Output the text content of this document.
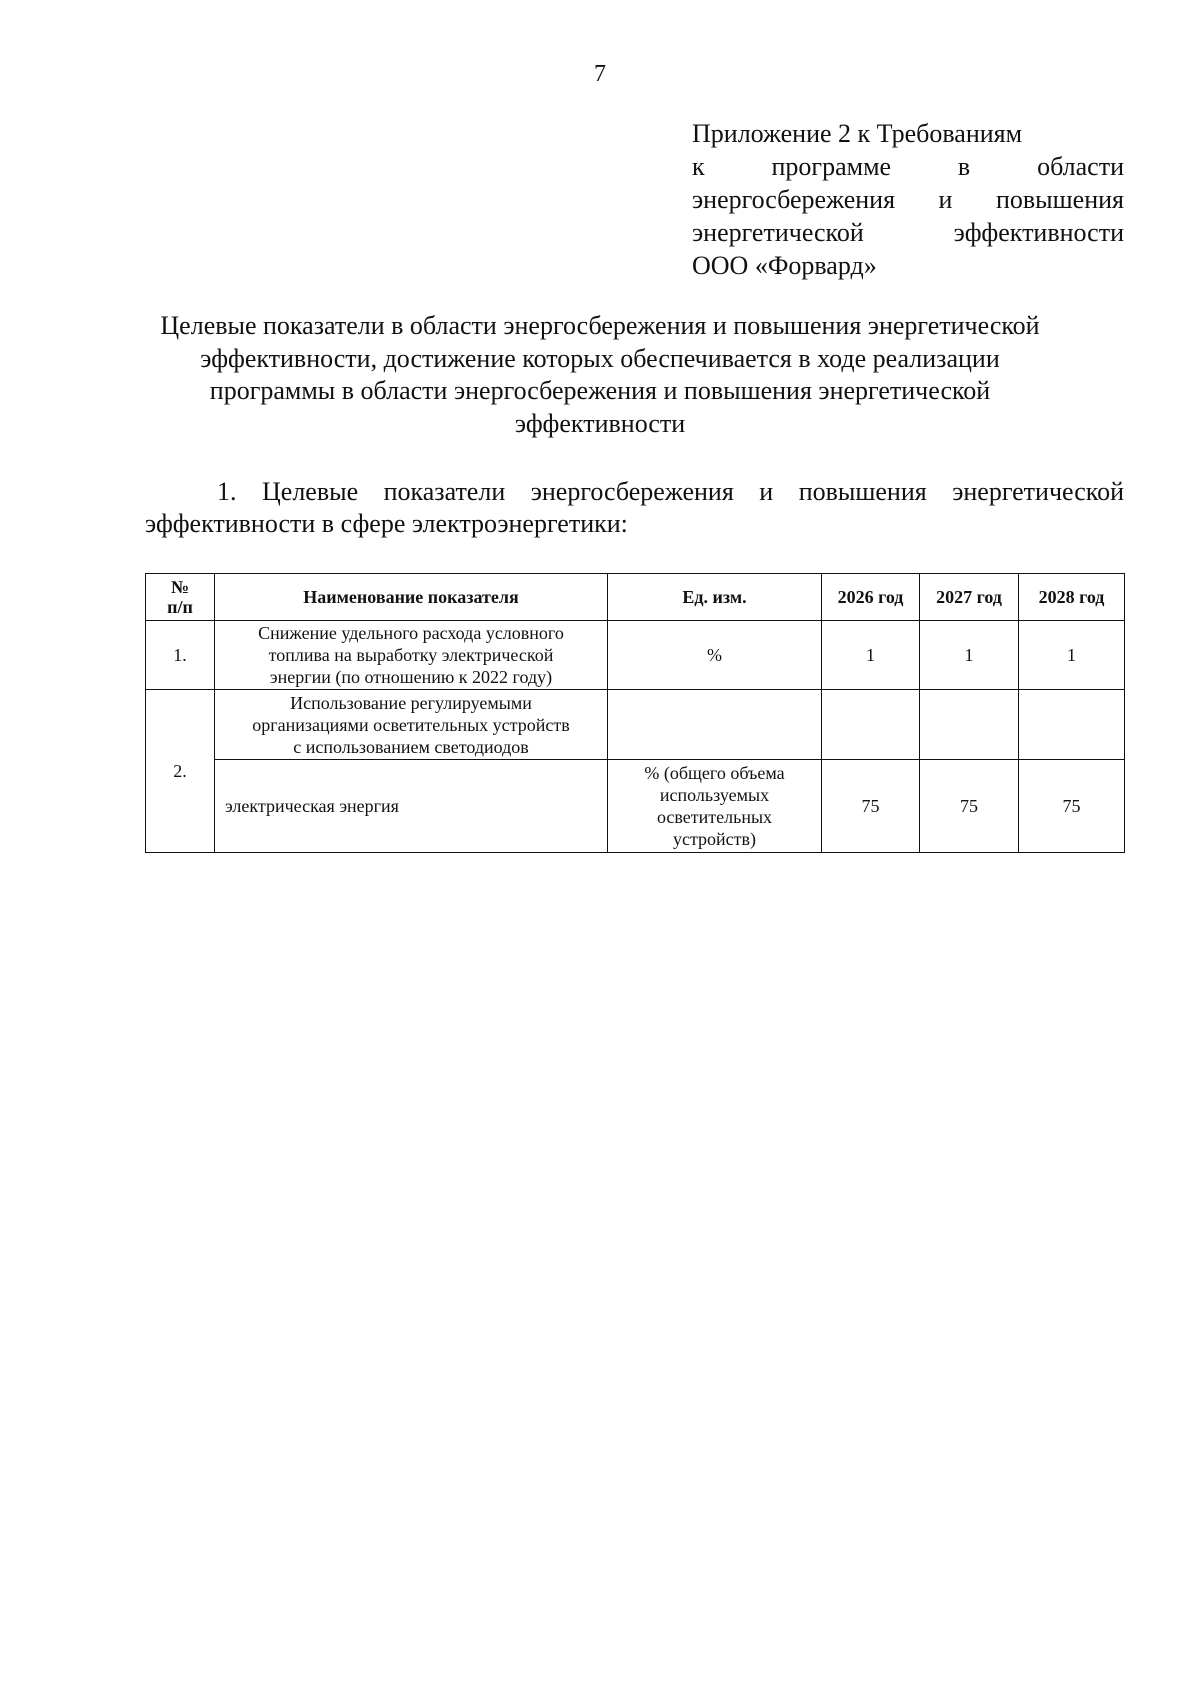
7
Приложение 2 к Требованиям
к программе в области
энергосбережения и повышения
энергетической эффективности
ООО «Форвард»
Целевые показатели в области энергосбережения и повышения энергетической
эффективности, достижение которых обеспечивается в ходе реализации
программы в области энергосбережения и повышения энергетической
эффективности
1. Целевые показатели энергосбережения и повышения энергетической
эффективности в сфере электроэнергетики:
№
п/п	Наименование показателя	Ед. изм.	2026 год	2027 год	2028 год
1.	Снижение удельного расхода условного
топлива на выработку электрической
энергии (по отношению к 2022 году)	%	1	1	1
2.	Использование регулируемыми
организациями осветительных устройств
с использованием светодиодов				
	электрическая энергия	% (общего объема
используемых
осветительных
устройств)	75	75	75
